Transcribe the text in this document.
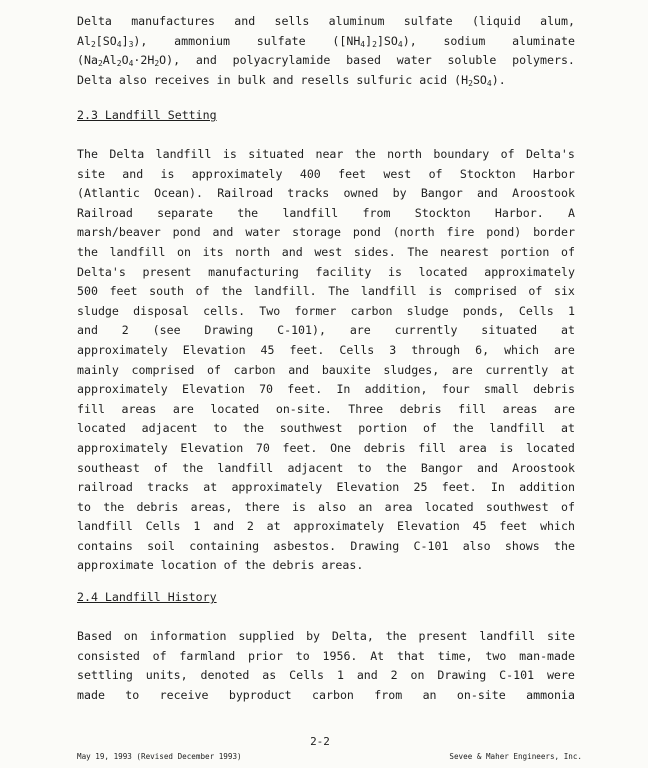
Delta manufactures and sells aluminum sulfate (liquid alum,
$Al_2[SO_4]_3$), ammonium sulfate $([NH_4]_2]SO_4$), sodium aluminate
$(Na_2Al_2O_4\cdot 2H_2O)$, and polyacrylamide based water soluble polymers.
Delta also receives in bulk and resells sulfuric acid $(H_2SO_4)$.
2.3 Landfill Setting
The Delta landfill is situated near the north boundary of Delta's
site and is approximately 400 feet west of Stockton Harbor
(Atlantic Ocean). Railroad tracks owned by Bangor and Aroostook
Railroad separate the landfill from Stockton Harbor. A
marsh/beaver pond and water storage pond (north fire pond) border
the landfill on its north and west sides. The nearest portion of
Delta's present manufacturing facility is located approximately
500 feet south of the landfill. The landfill is comprised of six
sludge disposal cells. Two former carbon sludge ponds, Cells 1
and 2 (see Drawing C-101), are currently situated at
approximately Elevation 45 feet. Cells 3 through 6, which are
mainly comprised of carbon and bauxite sludges, are currently at
approximately Elevation 70 feet. In addition, four small debris
fill areas are located on-site. Three debris fill areas are
located adjacent to the southwest portion of the landfill at
approximately Elevation 70 feet. One debris fill area is located
southeast of the landfill adjacent to the Bangor and Aroostook
railroad tracks at approximately Elevation 25 feet. In addition
to the debris areas, there is also an area located southwest of
landfill Cells 1 and 2 at approximately Elevation 45 feet which
contains soil containing asbestos. Drawing C-101 also shows the
approximate location of the debris areas.
2.4 Landfill History
Based on information supplied by Delta, the present landfill site
consisted of farmland prior to 1956. At that time, two man-made
settling units, denoted as Cells 1 and 2 on Drawing C-101 were
made to receive byproduct carbon from an on-site ammonia
2-2
May 19, 1993 (Revised December 1993)	Sevee & Maher Engineers, Inc.
